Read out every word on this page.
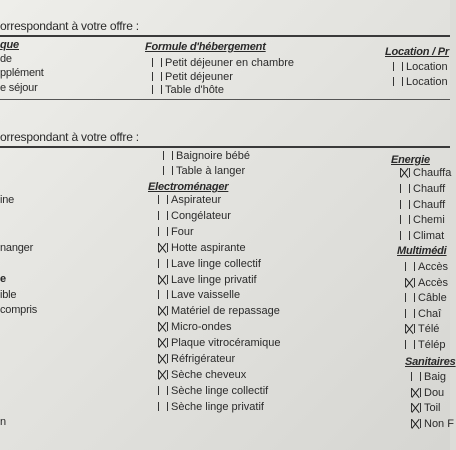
orrespondant à votre offre :
que
de
pplément
e séjour
Formule d'hébergement
Petit déjeuner en chambre
Petit déjeuner
Table d'hôte
Location / Pr
Location
Location
orrespondant à votre offre :
ine
nanger
e
ible
compris
n
Baignoire bébé
Table à langer
Electroménager
Aspirateur
Congélateur
Four
Hotte aspirante
Lave linge collectif
Lave linge privatif
Lave vaisselle
Matériel de repassage
Micro-ondes
Plaque vitrocéramique
Réfrigérateur
Sèche cheveux
Sèche linge collectif
Sèche linge privatif
Energie
Chauffa
Chauff
Chauff
Chemi
Climat
Multimédi
Accès
Accès
Câble
Chaî
Télé
Télép
Sanitaires
Baig
Dou
Toil
Non F
